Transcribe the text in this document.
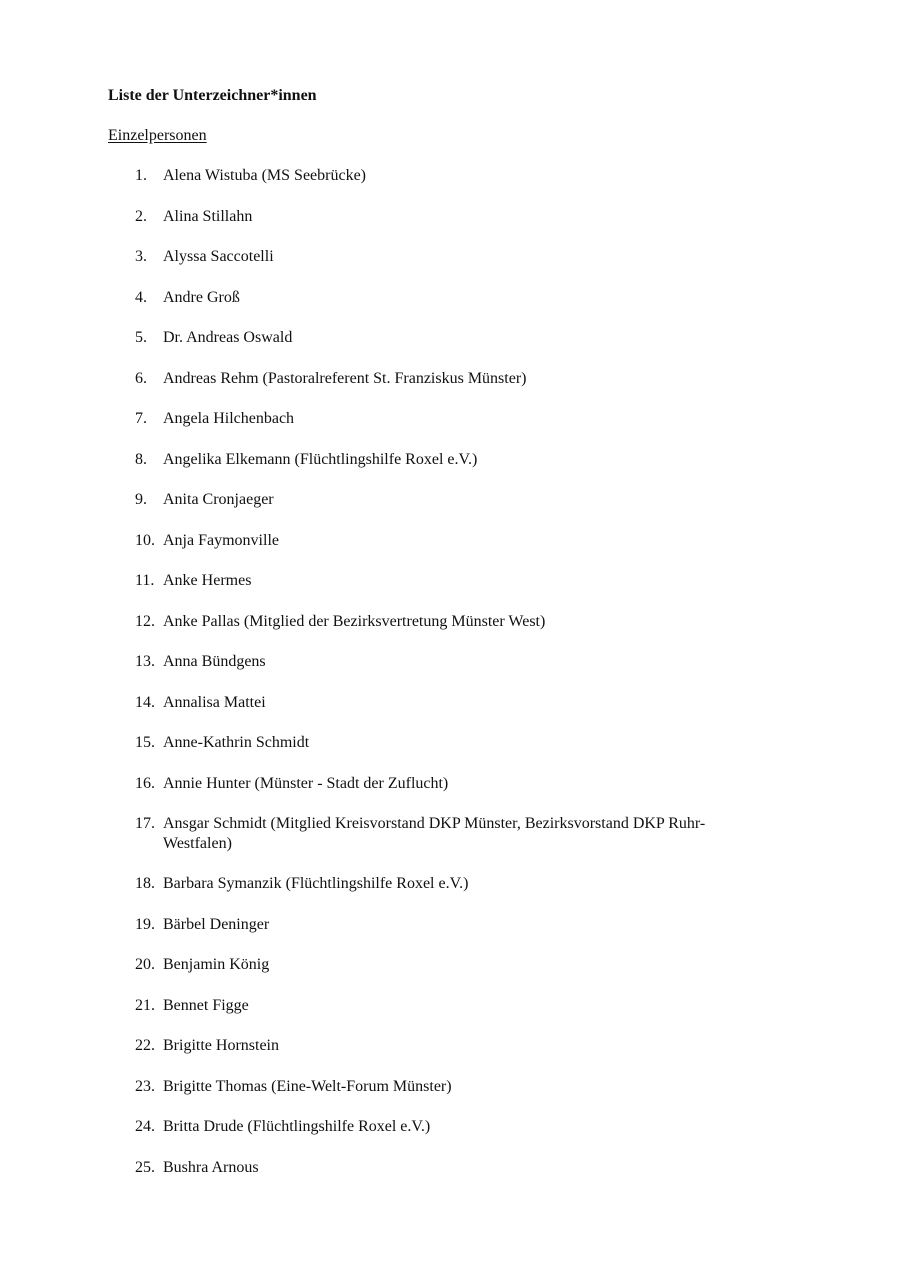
Liste der Unterzeichner*innen
Einzelpersonen
1. Alena Wistuba (MS Seebrücke)
2. Alina Stillahn
3. Alyssa Saccotelli
4. Andre Groß
5. Dr. Andreas Oswald
6. Andreas Rehm (Pastoralreferent St. Franziskus Münster)
7. Angela Hilchenbach
8. Angelika Elkemann (Flüchtlingshilfe Roxel e.V.)
9. Anita Cronjaeger
10. Anja Faymonville
11. Anke Hermes
12. Anke Pallas (Mitglied der Bezirksvertretung Münster West)
13. Anna Bündgens
14. Annalisa Mattei
15. Anne-Kathrin Schmidt
16. Annie Hunter (Münster - Stadt der Zuflucht)
17. Ansgar Schmidt (Mitglied Kreisvorstand DKP Münster, Bezirksvorstand DKP Ruhr-Westfalen)
18. Barbara Symanzik (Flüchtlingshilfe Roxel e.V.)
19. Bärbel Deninger
20. Benjamin König
21. Bennet Figge
22. Brigitte Hornstein
23. Brigitte Thomas (Eine-Welt-Forum Münster)
24. Britta Drude (Flüchtlingshilfe Roxel e.V.)
25. Bushra Arnous
